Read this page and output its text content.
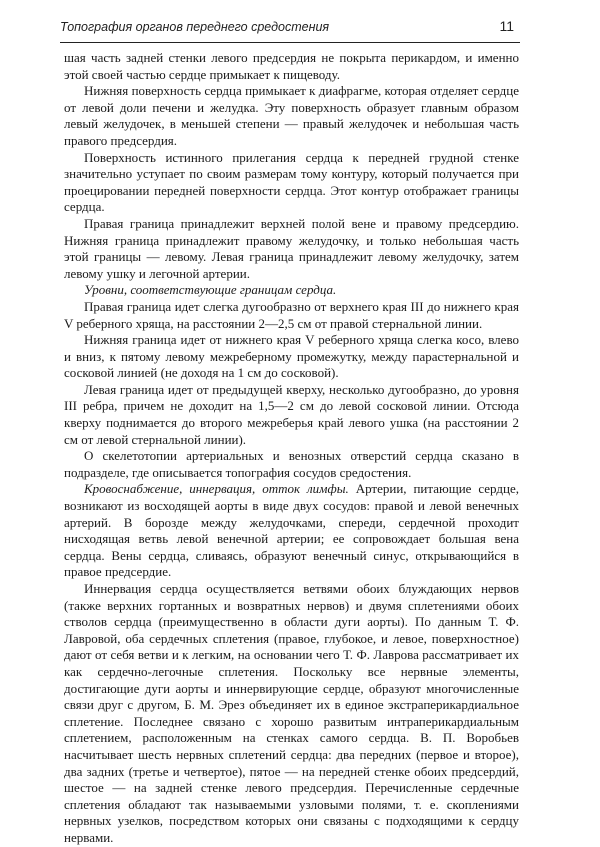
Топография органов переднего средостения	11

шая часть задней стенки левого предсердия не покрыта перикардом, и именно этой своей частью сердце примыкает к пищеводу.

Нижняя поверхность сердца примыкает к диафрагме, которая отделяет сердце от левой доли печени и желудка. Эту поверхность образует главным образом левый желудочек, в меньшей степени — правый желудочек и небольшая часть правого предсердия.

Поверхность истинного прилегания сердца к передней грудной стенке значительно уступает по своим размерам тому контуру, который получается при проецировании передней поверхности сердца. Этот контур отображает границы сердца.

Правая граница принадлежит верхней полой вене и правому предсердию. Нижняя граница принадлежит правому желудочку, и только небольшая часть этой границы — левому. Левая граница принадлежит левому желудочку, затем левому ушку и легочной артерии.

Уровни, соответствующие границам сердца.

Правая граница идет слегка дугообразно от верхнего края III до нижнего края V реберного хряща, на расстоянии 2—2,5 см от правой стернальной линии.

Нижняя граница идет от нижнего края V реберного хряща слегка косо, влево и вниз, к пятому левому межреберному промежутку, между парастернальной и сосковой линией (не доходя на 1 см до сосковой).

Левая граница идет от предыдущей кверху, несколько дугообразно, до уровня III ребра, причем не доходит на 1,5—2 см до левой сосковой линии. Отсюда кверху поднимается до второго межреберья край левого ушка (на расстоянии 2 см от левой стернальной линии).

О скелетотопии артериальных и венозных отверстий сердца сказано в подразделе, где описывается топография сосудов средостения.

Кровоснабжение, иннервация, отток лимфы. Артерии, питающие сердце, возникают из восходящей аорты в виде двух сосудов: правой и левой венечных артерий. В борозде между желудочками, спереди, сердечной проходит нисходящая ветвь левой венечной артерии; ее сопровождает большая вена сердца. Вены сердца, сливаясь, образуют венечный синус, открывающийся в правое предсердие.

Иннервация сердца осуществляется ветвями обоих блуждающих нервов (также верхних гортанных и возвратных нервов) и двумя сплетениями обоих стволов сердца (преимущественно в области дуги аорты). По данным Т. Ф. Лавровой, оба сердечных сплетения (правое, глубокое, и левое, поверхностное) дают от себя ветви и к легким, на основании чего Т. Ф. Лаврова рассматривает их как сердечно-легочные сплетения. Поскольку все нервные элементы, достигающие дуги аорты и иннервирующие сердце, образуют многочисленные связи друг с другом, Б. М. Эрез объединяет их в единое экстраперикардиальное сплетение. Последнее связано с хорошо развитым интраперикардиальным сплетением, расположенным на стенках самого сердца. В. П. Воробьев насчитывает шесть нервных сплетений сердца: два передних (первое и второе), два задних (третье и четвертое), пятое — на передней стенке обоих предсердий, шестое — на задней стенке левого предсердия. Перечисленные сердечные сплетения обладают так называемыми узловыми полями, т. е. скоплениями нервных узелков, посредством которых они связаны с подходящими к сердцу нервами.
